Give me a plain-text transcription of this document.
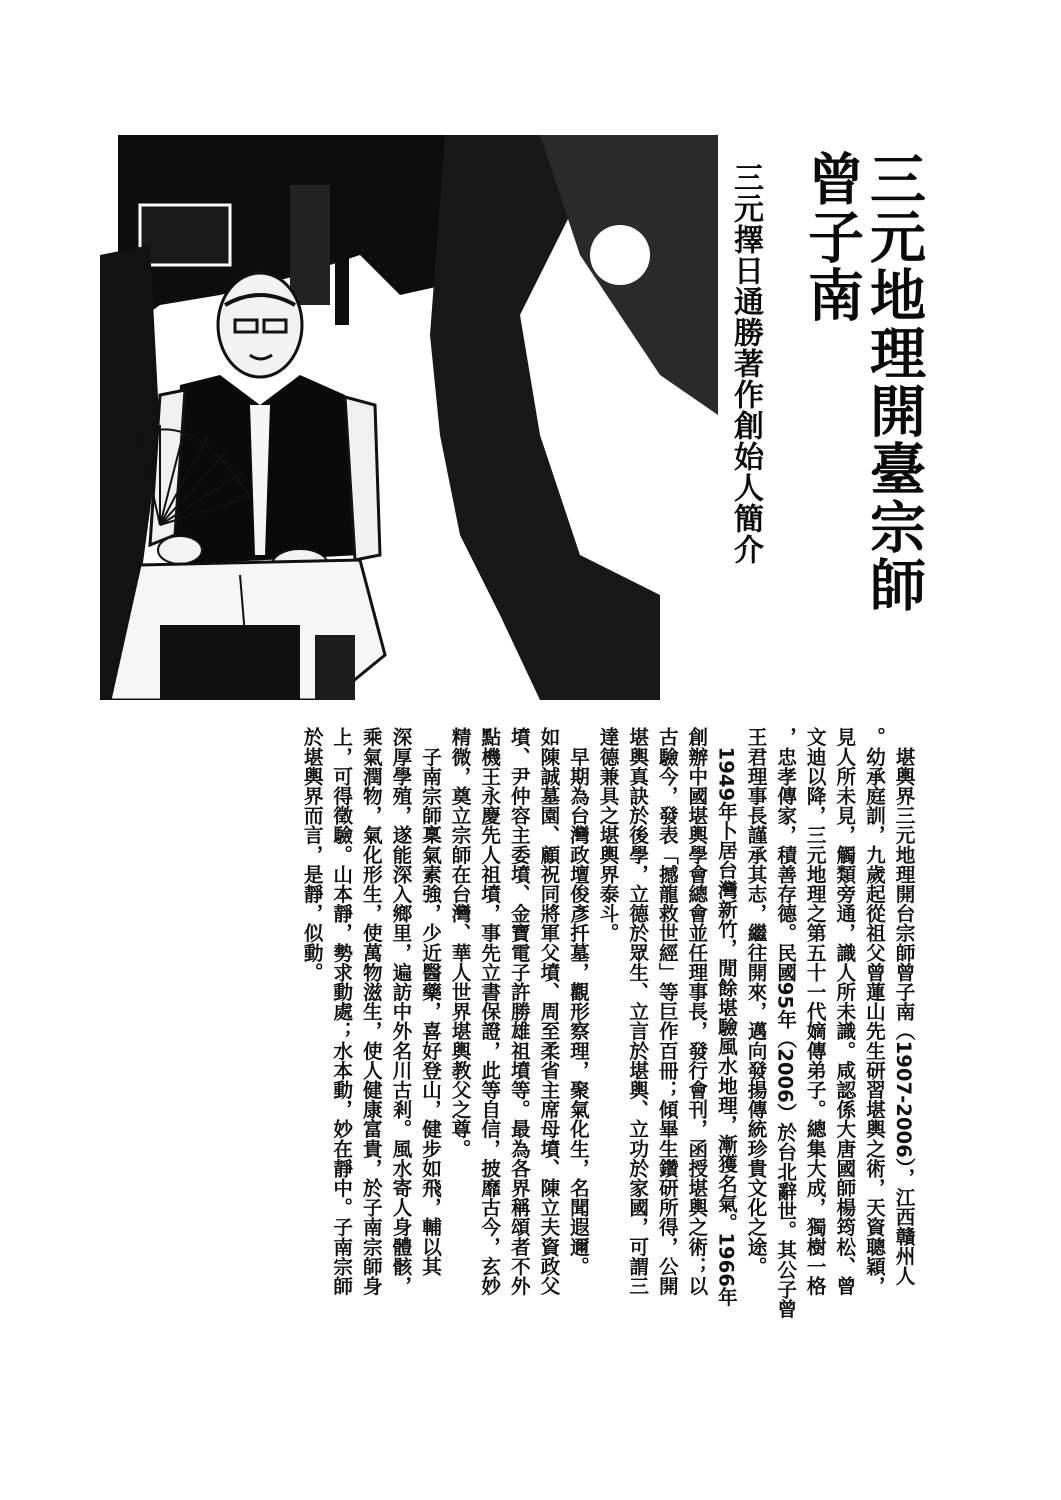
三元地理開臺宗師
曾子南
三元擇日通勝著作創始人簡介
　堪輿界三元地理開台宗師曾子南（1907-2006），江西贛州人
。幼承庭訓，九歲起從祖父曾蓮山先生研習堪輿之術，天資聰穎，
見人所未見，觸類旁通，識人所未識。咸認係大唐國師楊筠松、曾
文迪以降，三元地理之第五十一代嫡傳弟子。總集大成，獨樹一格
，忠孝傳家，積善存德。民國95年（2006）於台北辭世。其公子曾
王君理事長謹承其志，繼往開來，邁向發揚傳統珍貴文化之途。
　1949年卜居台灣新竹，閒餘堪驗風水地理，漸獲名氣。1966年
創辦中國堪輿學會總會並任理事長，發行會刊，函授堪輿之術；以
古驗今，發表「撼龍救世經」等巨作百冊；傾畢生鑽研所得，公開
堪輿真訣於後學，立德於眾生、立言於堪輿、立功於家國，可謂三
達德兼具之堪輿界泰斗。
　早期為台灣政壇俊彥扦墓，觀形察理，聚氣化生，名聞遐邇。
如陳誠墓園、顧祝同將軍父墳、周至柔省主席母墳、陳立夫資政父
墳、尹仲容主委墳、金寶電子許勝雄祖墳等。最為各界稱頌者不外
點機王永慶先人祖墳，事先立書保證，此等自信，披靡古今，玄妙
精微，奠立宗師在台灣、華人世界堪輿教父之尊。
　子南宗師稟氣素強，少近醫藥，喜好登山，健步如飛，輔以其
深厚學殖，遂能深入鄉里，遍訪中外名川古剎。風水寄人身體骸，
乘氣潤物，氣化形生，使萬物滋生，使人健康富貴，於子南宗師身
上，可得徵驗。山本靜，勢求動處；水本動，妙在靜中。子南宗師
於堪輿界而言，是靜，似動。
